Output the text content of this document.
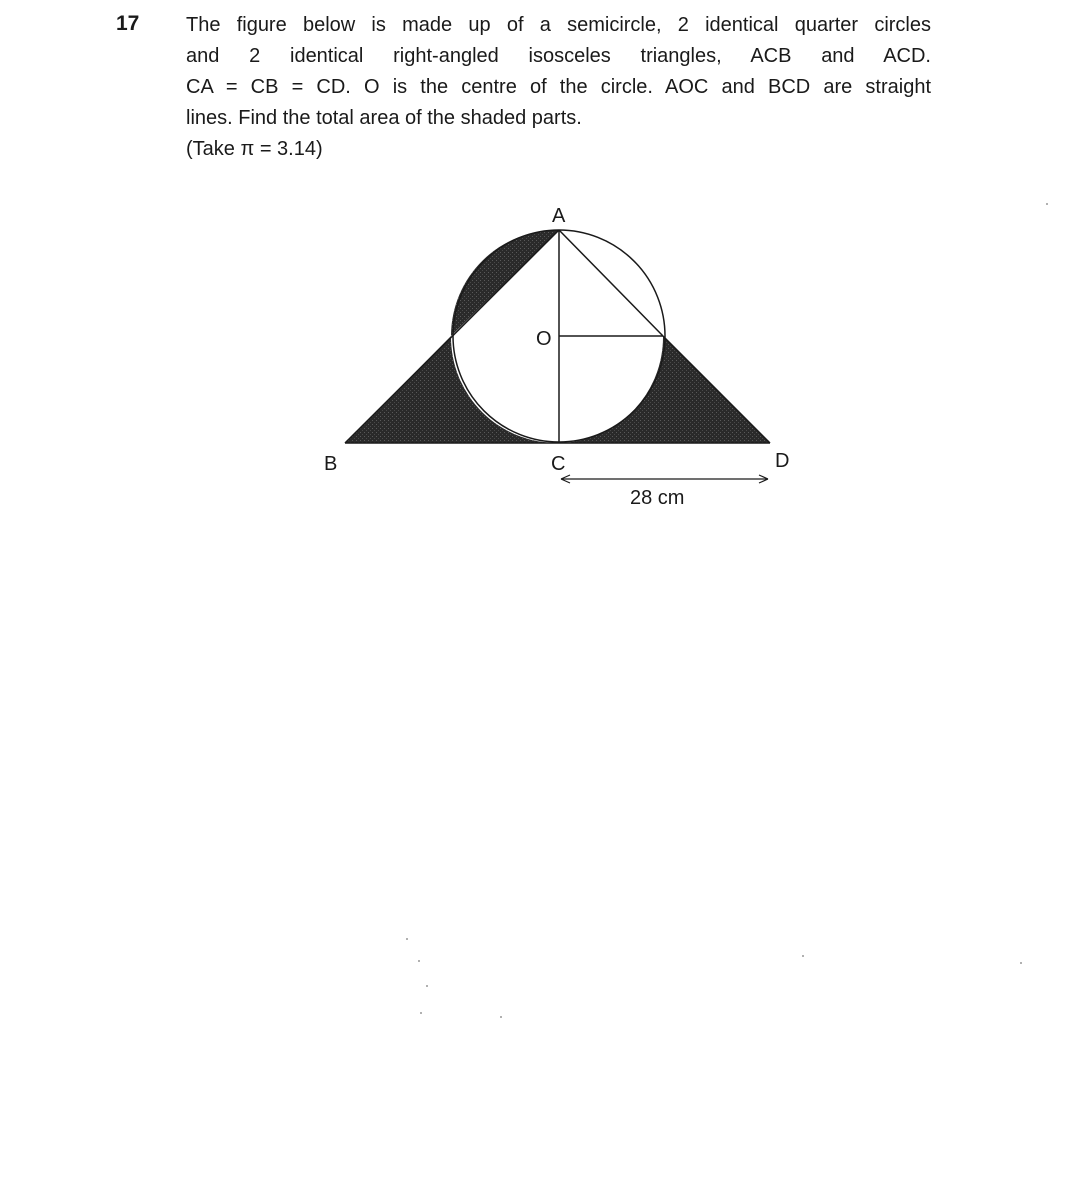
17 The figure below is made up of a semicircle, 2 identical quarter circles
and 2 identical right-angled isosceles triangles, ACB and ACD.
CA = CB = CD. O is the centre of the circle. AOC and BCD are straight
lines. Find the total area of the shaded parts.
(Take π = 3.14)
A
O
B	C	D
28 cm
